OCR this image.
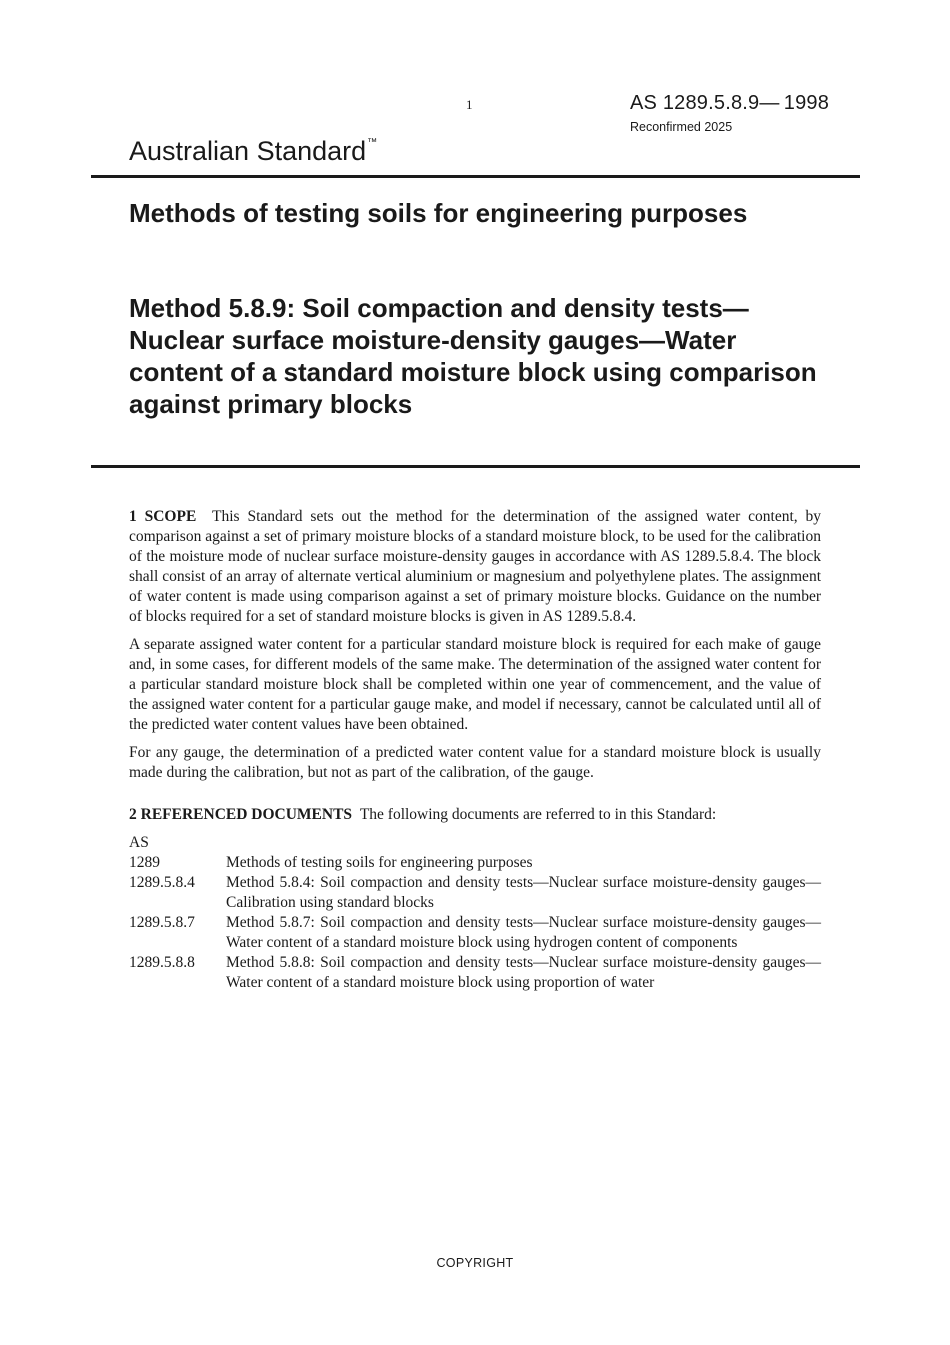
1	AS 1289.5.8.9— 1998
Reconfirmed 2025
Australian Standard™
Methods of testing soils for engineering purposes
Method 5.8.9: Soil compaction and density tests—Nuclear surface moisture-density gauges—Water content of a standard moisture block using comparison against primary blocks

1 SCOPE This Standard sets out the method for the determination of the assigned water content, by comparison against a set of primary moisture blocks of a standard moisture block, to be used for the calibration of the moisture mode of nuclear surface moisture-density gauges in accordance with AS 1289.5.8.4. The block shall consist of an array of alternate vertical aluminium or magnesium and polyethylene plates. The assignment of water content is made using comparison against a set of primary moisture blocks. Guidance on the number of blocks required for a set of standard moisture blocks is given in AS 1289.5.8.4.

A separate assigned water content for a particular standard moisture block is required for each make of gauge and, in some cases, for different models of the same make. The determination of the assigned water content for a particular standard moisture block shall be completed within one year of commencement, and the value of the assigned water content for a particular gauge make, and model if necessary, cannot be calculated until all of the predicted water content values have been obtained.

For any gauge, the determination of a predicted water content value for a standard moisture block is usually made during the calibration, but not as part of the calibration, of the gauge.

2 REFERENCED DOCUMENTS The following documents are referred to in this Standard:

AS
1289	Methods of testing soils for engineering purposes
1289.5.8.4	Method 5.8.4: Soil compaction and density tests—Nuclear surface moisture-density gauges—Calibration using standard blocks
1289.5.8.7	Method 5.8.7: Soil compaction and density tests—Nuclear surface moisture-density gauges—Water content of a standard moisture block using hydrogen content of components
1289.5.8.8	Method 5.8.8: Soil compaction and density tests—Nuclear surface moisture-density gauges—Water content of a standard moisture block using proportion of water
COPYRIGHT
